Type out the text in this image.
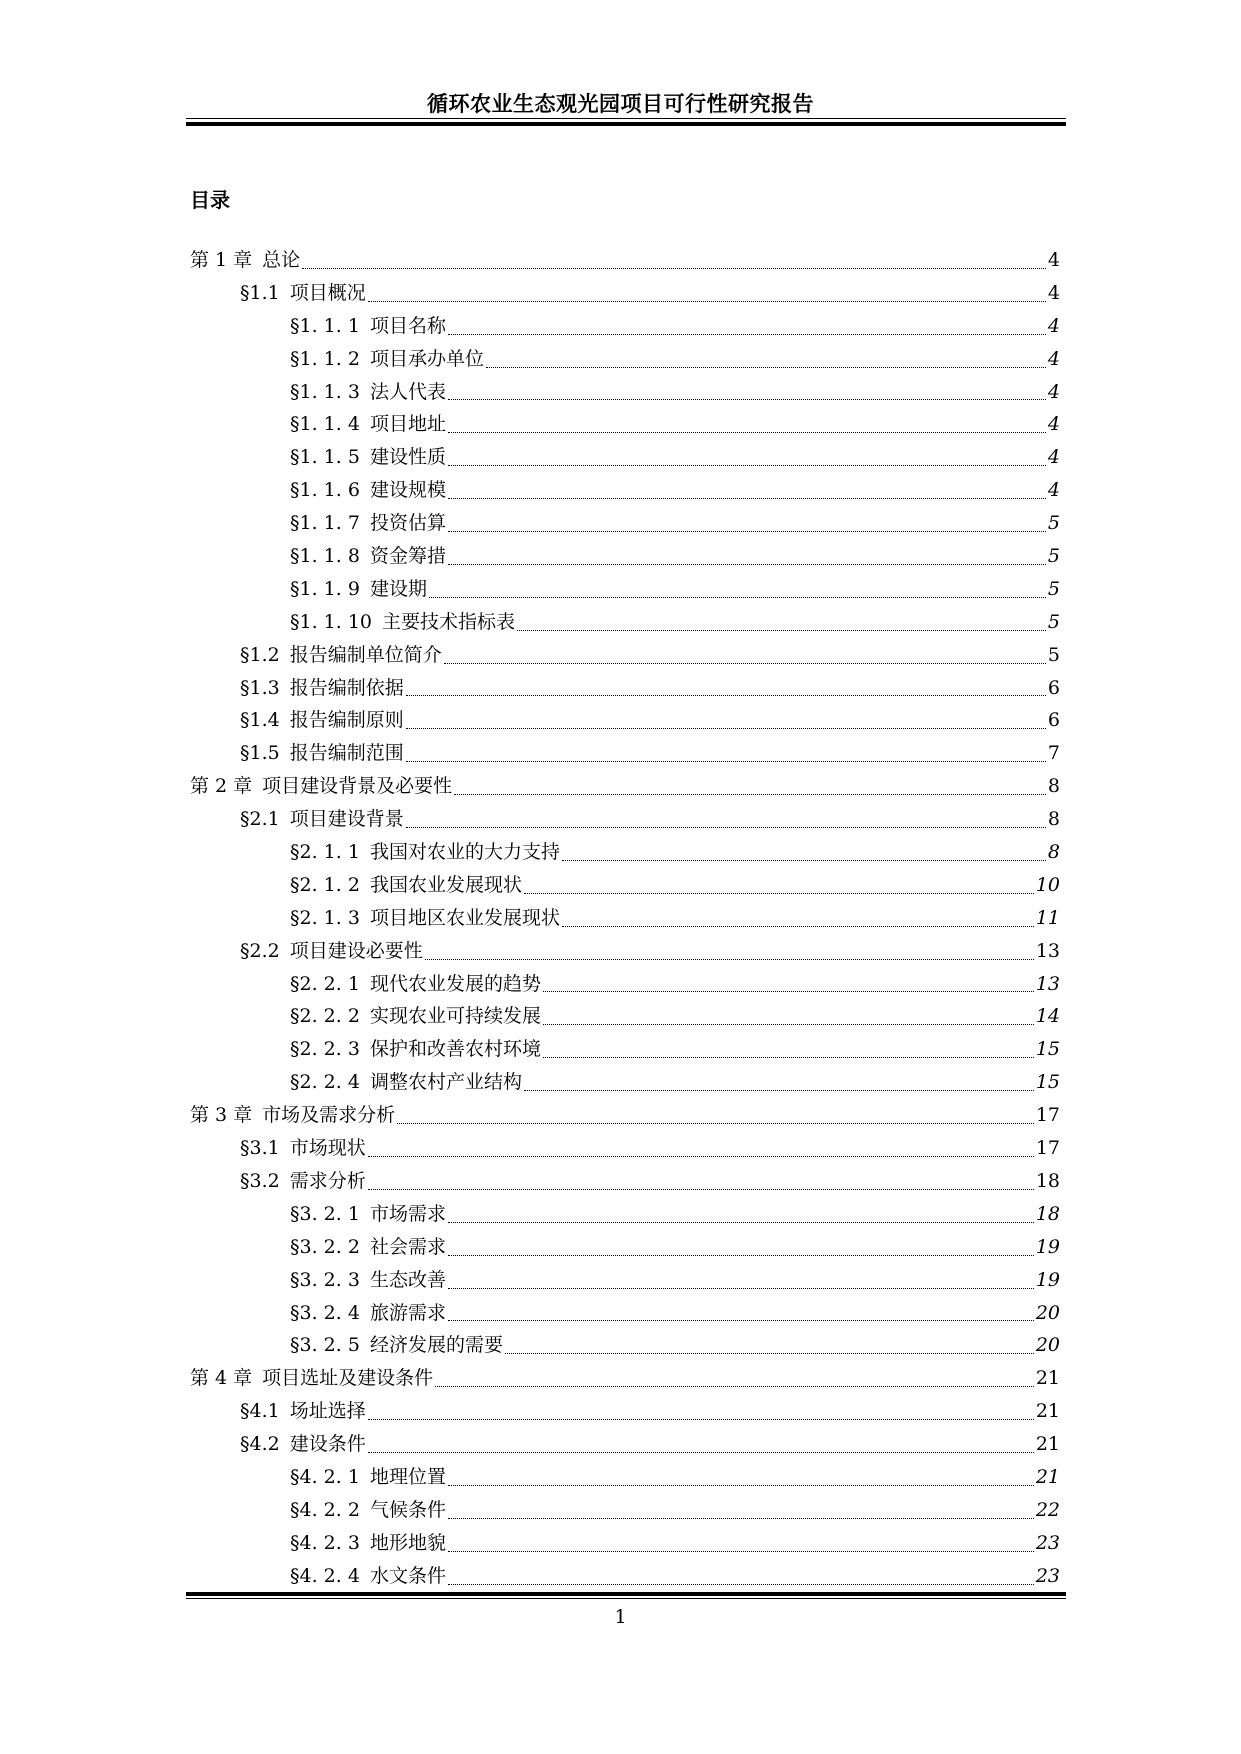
循环农业生态观光园项目可行性研究报告
目录
第 1 章 总论	4
§1.1 项目概况	4
§1. 1. 1 项目名称	4
§1. 1. 2 项目承办单位	4
§1. 1. 3 法人代表	4
§1. 1. 4 项目地址	4
§1. 1. 5 建设性质	4
§1. 1. 6 建设规模	4
§1. 1. 7 投资估算	5
§1. 1. 8 资金筹措	5
§1. 1. 9 建设期	5
§1. 1. 10 主要技术指标表	5
§1.2 报告编制单位简介	5
§1.3 报告编制依据	6
§1.4 报告编制原则	6
§1.5 报告编制范围	7
第 2 章 项目建设背景及必要性	8
§2.1 项目建设背景	8
§2. 1. 1 我国对农业的大力支持	8
§2. 1. 2 我国农业发展现状	10
§2. 1. 3 项目地区农业发展现状	11
§2.2 项目建设必要性	13
§2. 2. 1 现代农业发展的趋势	13
§2. 2. 2 实现农业可持续发展	14
§2. 2. 3 保护和改善农村环境	15
§2. 2. 4 调整农村产业结构	15
第 3 章 市场及需求分析	17
§3.1 市场现状	17
§3.2 需求分析	18
§3. 2. 1 市场需求	18
§3. 2. 2 社会需求	19
§3. 2. 3 生态改善	19
§3. 2. 4 旅游需求	20
§3. 2. 5 经济发展的需要	20
第 4 章 项目选址及建设条件	21
§4.1 场址选择	21
§4.2 建设条件	21
§4. 2. 1 地理位置	21
§4. 2. 2 气候条件	22
§4. 2. 3 地形地貌	23
§4. 2. 4 水文条件	23
1
